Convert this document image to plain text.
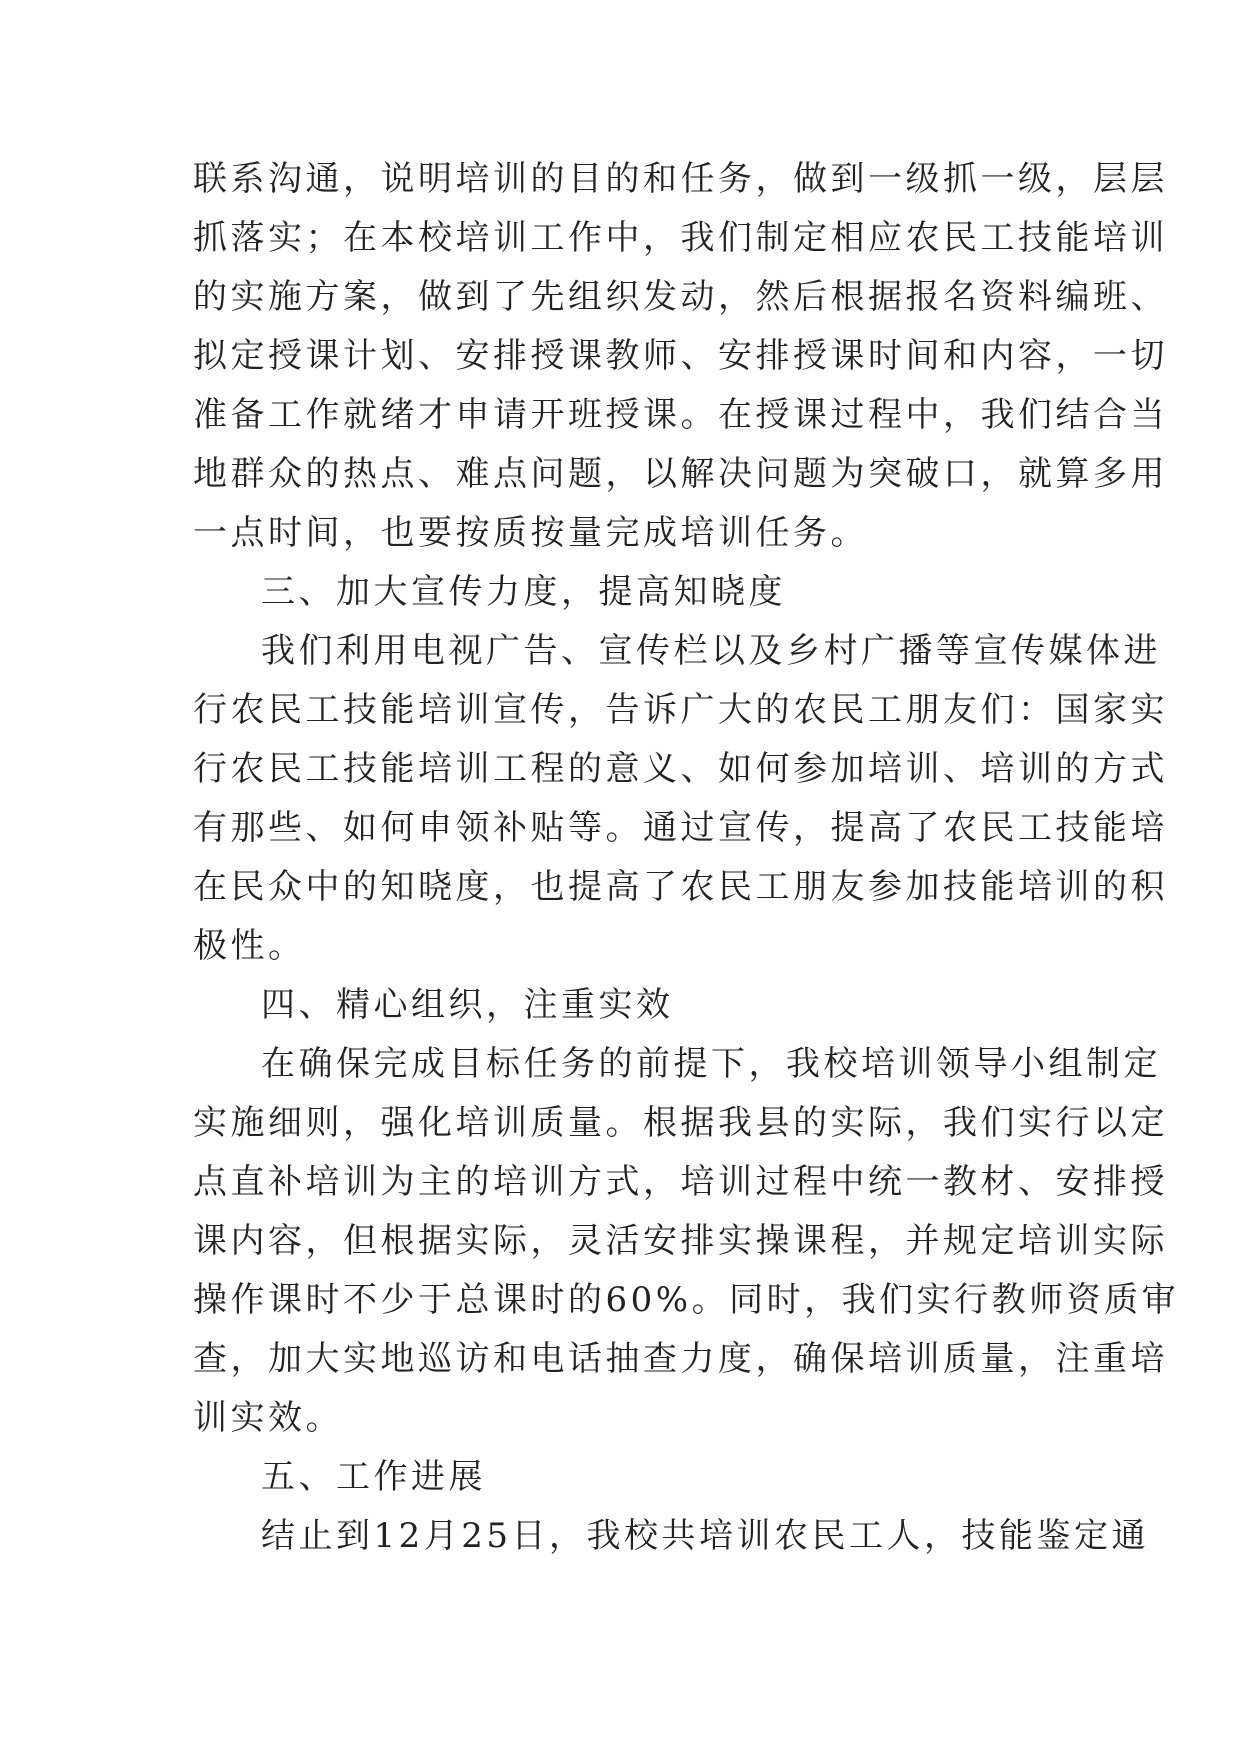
联系沟通，说明培训的目的和任务，做到一级抓一级，层层
抓落实；在本校培训工作中，我们制定相应农民工技能培训
的实施方案，做到了先组织发动，然后根据报名资料编班、
拟定授课计划、安排授课教师、安排授课时间和内容，一切
准备工作就绪才申请开班授课。在授课过程中，我们结合当
地群众的热点、难点问题，以解决问题为突破口，就算多用
一点时间，也要按质按量完成培训任务。
三、加大宣传力度，提高知晓度
我们利用电视广告、宣传栏以及乡村广播等宣传媒体进
行农民工技能培训宣传，告诉广大的农民工朋友们：国家实
行农民工技能培训工程的意义、如何参加培训、培训的方式
有那些、如何申领补贴等。通过宣传，提高了农民工技能培
在民众中的知晓度，也提高了农民工朋友参加技能培训的积
极性。
四、精心组织，注重实效
在确保完成目标任务的前提下，我校培训领导小组制定
实施细则，强化培训质量。根据我县的实际，我们实行以定
点直补培训为主的培训方式，培训过程中统一教材、安排授
课内容，但根据实际，灵活安排实操课程，并规定培训实际
操作课时不少于总课时的60%。同时，我们实行教师资质审
查，加大实地巡访和电话抽查力度，确保培训质量，注重培
训实效。
五、工作进展
结止到12月25日，我校共培训农民工人，技能鉴定通
